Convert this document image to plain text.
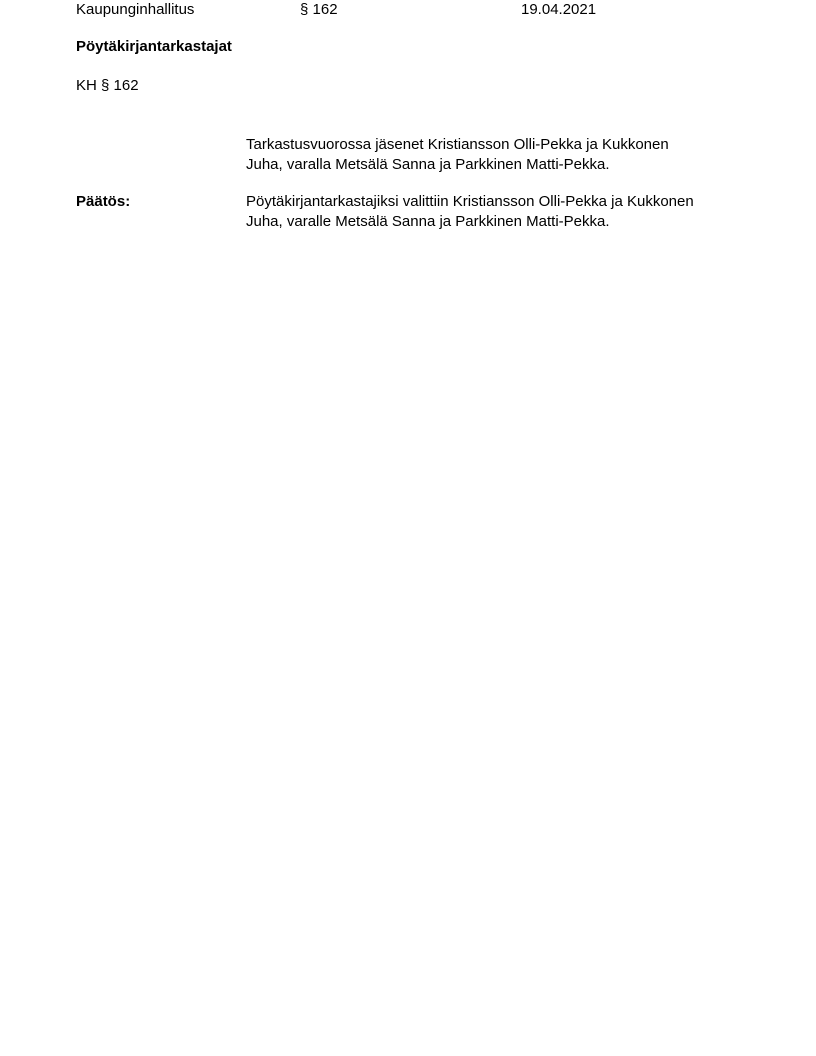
Kaupunginhallitus	§ 162	19.04.2021
Pöytäkirjantarkastajat
KH § 162
Tarkastusvuorossa jäsenet Kristiansson Olli-Pekka ja Kukkonen
Juha, varalla Metsälä Sanna ja Parkkinen Matti-Pekka.
Päätös:	Pöytäkirjantarkastajiksi valittiin Kristiansson Olli-Pekka ja Kukkonen
Juha, varalle Metsälä Sanna ja Parkkinen Matti-Pekka.
